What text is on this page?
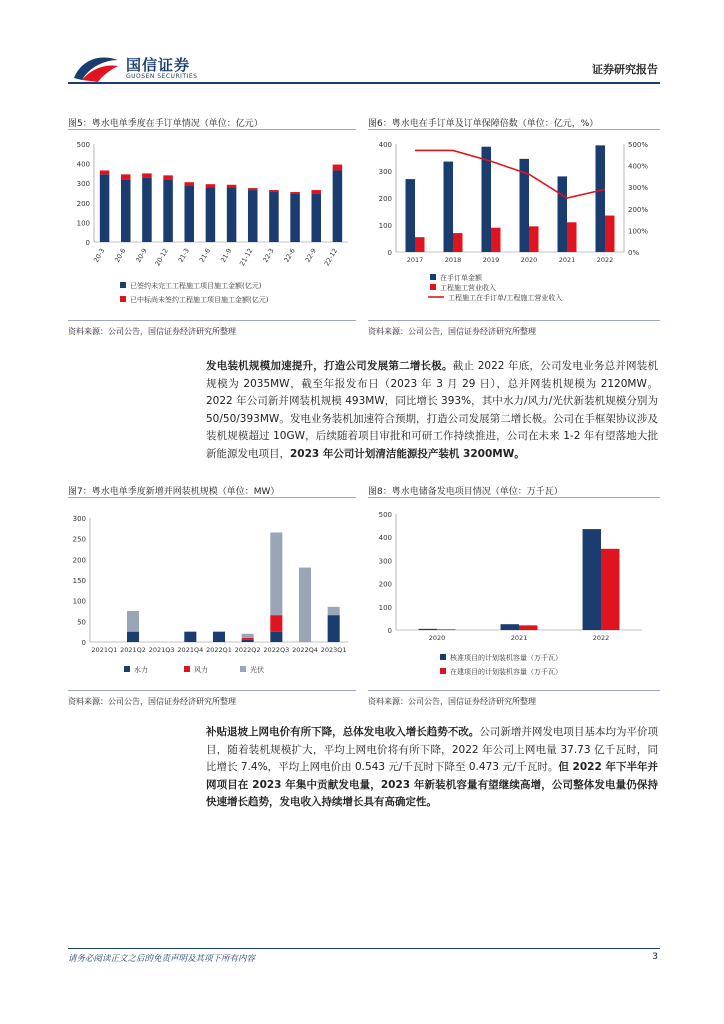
国信证券
GUOSEN SECURITIES
证券研究报告
图5：粤水电单季度在手订单情况（单位：亿元）
500
400
300
200
100
0
20-3 20-6 20-9 20-12 21-3 21-6 21-9 21-12 22-3 22-6 22-9 22-12
已签约未完工工程施工项目施工金额(亿元)
已中标尚未签约工程施工项目施工金额(亿元)
资料来源：公司公告，国信证券经济研究所整理
图6：粤水电在手订单及订单保障倍数（单位：亿元，%）
400
300
200
100
0
500%
400%
300%
200%
100%
0%
2017	2018	2019	2020	2021	2022
在手订单金额
工程施工营业收入
工程施工在手订单/工程施工营业收入
资料来源：公司公告，国信证券经济研究所整理
发电装机规模加速提升，打造公司发展第二增长极。截止 2022 年底，公司发电业务总并网装机规模为 2035MW，截至年报发布日（2023 年 3 月 29 日），总并网装机规模为 2120MW。2022 年公司新并网装机规模 493MW，同比增长 393%，其中水力/风力/光伏新装机规模分别为 50/50/393MW。发电业务装机加速符合预期，打造公司发展第二增长极。公司在手框架协议涉及装机规模超过 10GW，后续随着项目审批和可研工作持续推进，公司在未来 1-2 年有望落地大批新能源发电项目，2023 年公司计划清洁能源投产装机 3200MW。
图7：粤水电单季度新增并网装机规模（单位：MW）
300
250
200
150
100
50
0
2021Q1 2021Q2 2021Q3 2021Q4 2022Q1 2022Q2 2022Q3 2022Q4 2023Q1
水力	风力	光伏
资料来源：公司公告，国信证券经济研究所整理
图8：粤水电储备发电项目情况（单位：万千瓦）
500
400
300
200
100
0
2020	2021	2022
核准项目的计划装机容量（万千瓦）
在建项目的计划装机容量（万千瓦）
资料来源：公司公告，国信证券经济研究所整理
补贴退坡上网电价有所下降，总体发电收入增长趋势不改。公司新增并网发电项目基本均为平价项目，随着装机规模扩大，平均上网电价将有所下降，2022 年公司上网电量 37.73 亿千瓦时，同比增长 7.4%，平均上网电价由 0.543 元/千瓦时下降至 0.473 元/千瓦时。但 2022 年下半年并网项目在 2023 年集中贡献发电量，2023 年新装机容量有望继续高增，公司整体发电量仍保持快速增长趋势，发电收入持续增长具有高确定性。
请务必阅读正文之后的免责声明及其项下所有内容	3
